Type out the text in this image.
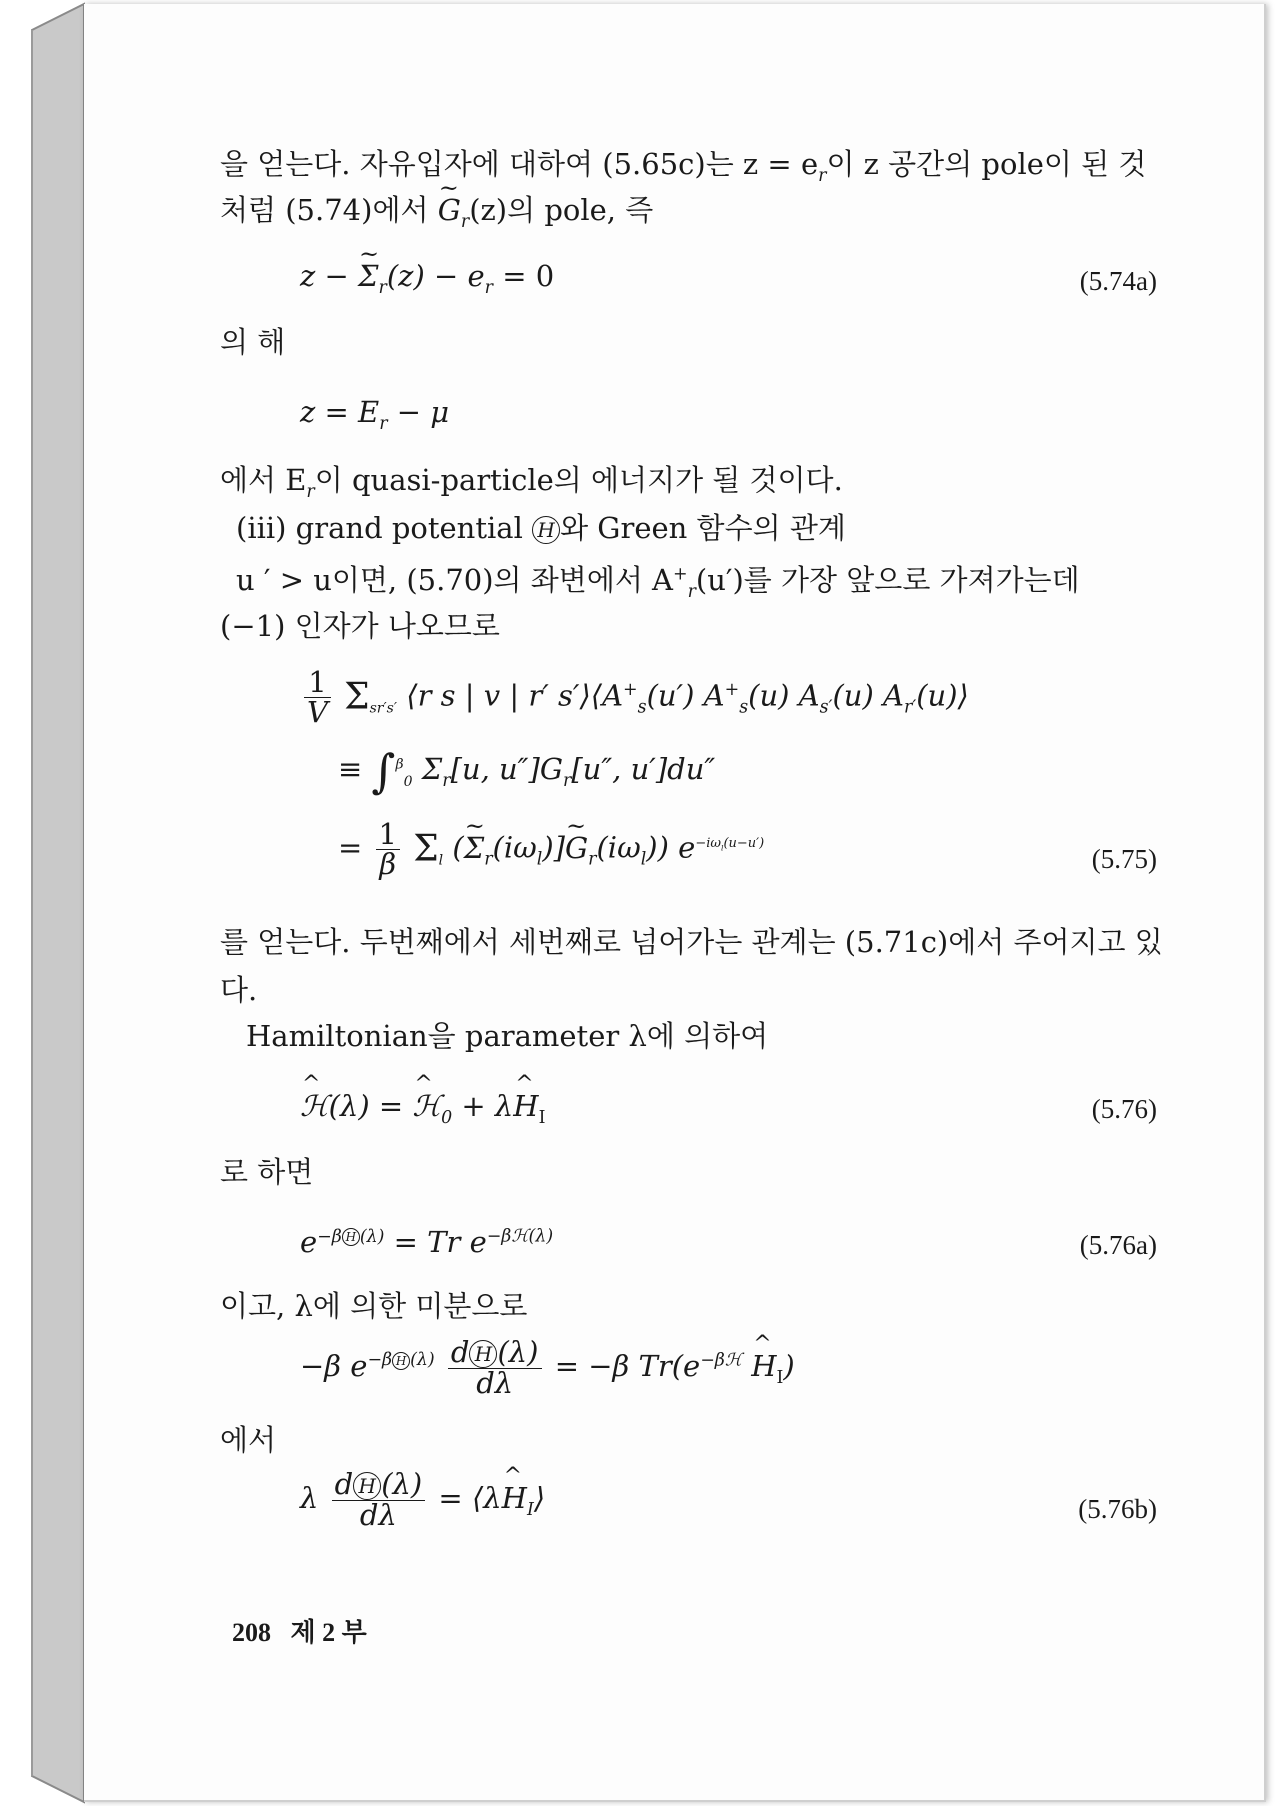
을 얻는다. 자유입자에 대하여 (5.65c)는 $z = e_r$이 z 공간의 pole이 된 것
처럼 (5.74)에서 ~ $G_r(z)$의 pole, 즉
z − ~ $\Sigma_r(z) - e_r = 0$	(5.74a)
의 해
$z = E_r - \mu$
에서 $E_r$이 quasi-particle의 에너지가 될 것이다.
(iii) grand potential H 와 Green 함수의 관계
u ′ > u이면, (5.70)의 좌변에서 $A^+_r(u')$를 가장 앞으로 가져가는데
(−1) 인자가 나오므로
$\frac{1}{V} \Sigma_{sr's'}$ ⟨r s | v | r′ $s'⟩⟨A^+_s(u')$ $A^+_s(u)$ $A_{s'}(u)$ $A_{r'}(u)⟩$
≡ ∫$^\beta_0$ $\Sigma_r[u$, $u'']G_r[u''$, u′]du″
= $\frac{1}{\beta} \Sigma_l$ (~ $\Sigma_r(i\omega_l)]\sim$ $G_r(i\omega_l)$) $e^{-i\omega_l(u-u')}$
(5.75)
를 얻는다. 두번째에서 세번째로 넘어가는 관계는 (5.71c)에서 주어지고 있
다.
Hamiltonian을 parameter λ에 의하여
^ ℋ(λ) = ^ ℋ$_0$ + λ^ $H_I$	(5.76)
로 하면
$e^{-\beta H (\lambda)} = Tr$ $e^{-\beta ℋ(\lambda)}$	(5.76a)
이고, λ에 의한 미분으로
−β $e^{-\beta H (\lambda)} \frac{\text{d H (λ)}}{d\lambda} = -\beta$ $Tr(e^{-\beta ℋ}$ ^ $H_I$)
에서
λ $\frac{\text{d H (λ)}}{d\lambda}$ = ⟨λ^ $H_I⟩$	(5.76b)
208 제 2 부
